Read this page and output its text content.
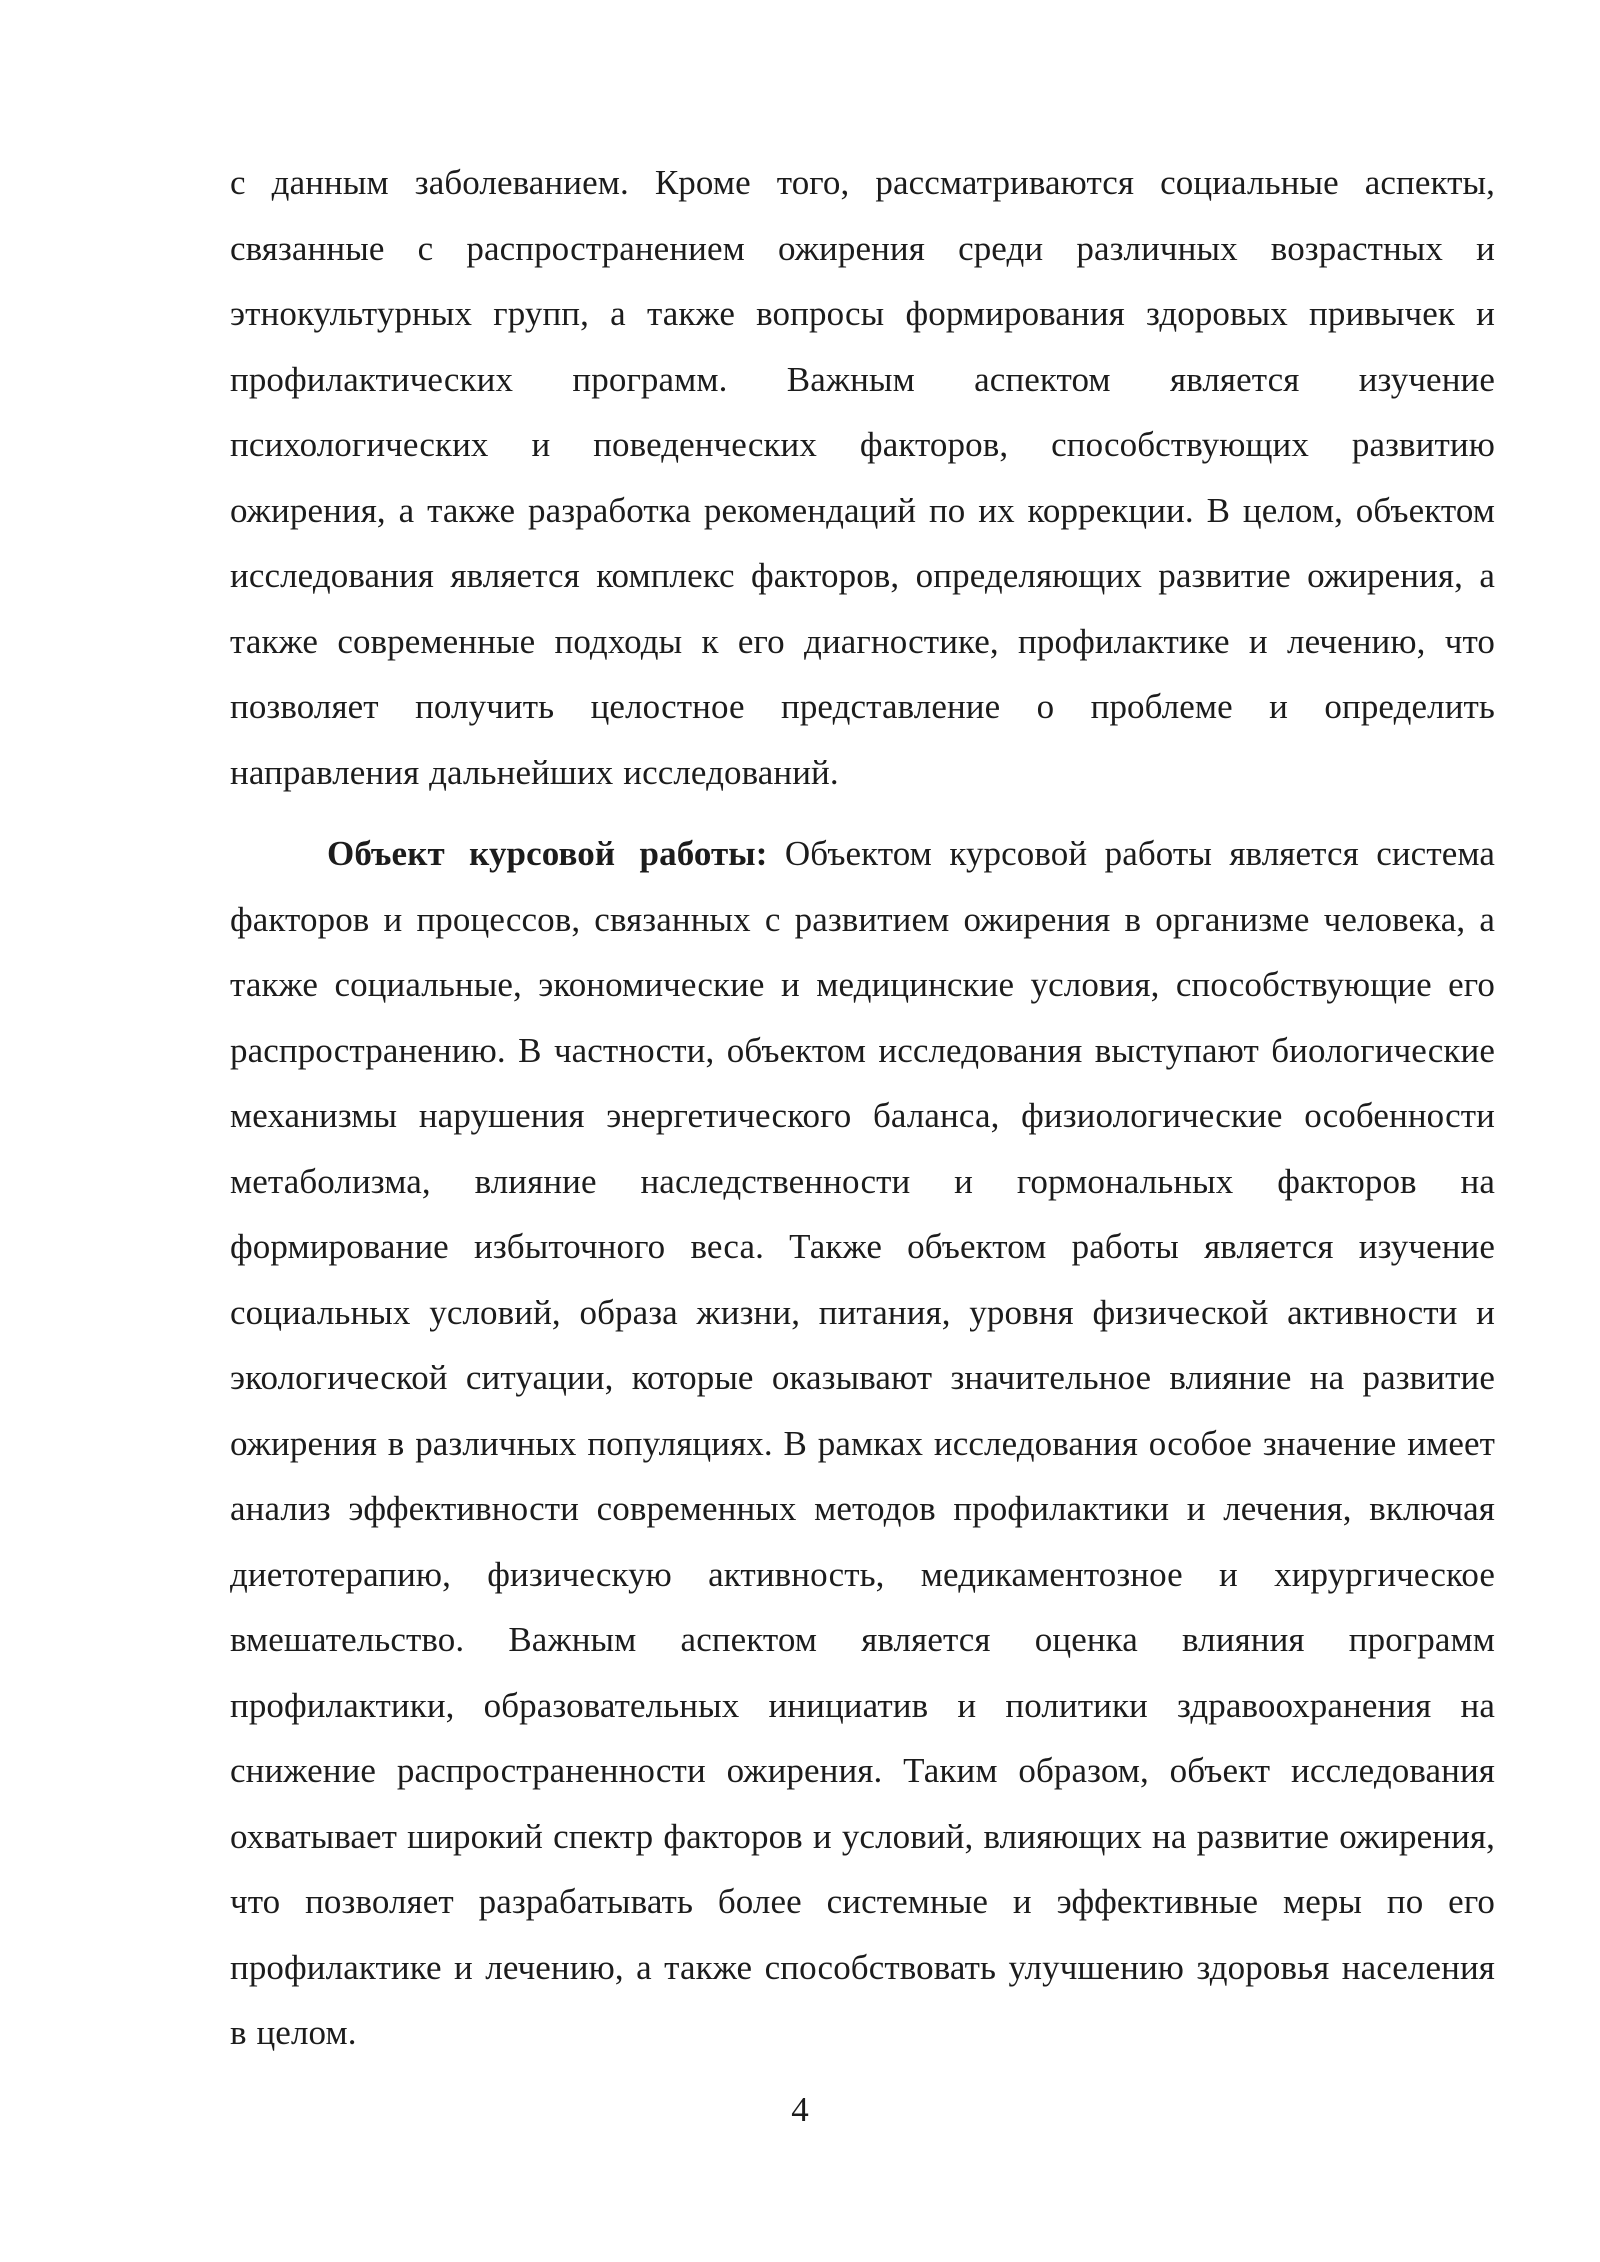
с данным заболеванием. Кроме того, рассматриваются социальные аспекты, связанные с распространением ожирения среди различных возрастных и этнокультурных групп, а также вопросы формирования здоровых привычек и профилактических программ. Важным аспектом является изучение психологических и поведенческих факторов, способствующих развитию ожирения, а также разработка рекомендаций по их коррекции. В целом, объектом исследования является комплекс факторов, определяющих развитие ожирения, а также современные подходы к его диагностике, профилактике и лечению, что позволяет получить целостное представление о проблеме и определить направления дальнейших исследований.

Объект курсовой работы: Объектом курсовой работы является система факторов и процессов, связанных с развитием ожирения в организме человека, а также социальные, экономические и медицинские условия, способствующие его распространению. В частности, объектом исследования выступают биологические механизмы нарушения энергетического баланса, физиологические особенности метаболизма, влияние наследственности и гормональных факторов на формирование избыточного веса. Также объектом работы является изучение социальных условий, образа жизни, питания, уровня физической активности и экологической ситуации, которые оказывают значительное влияние на развитие ожирения в различных популяциях. В рамках исследования особое значение имеет анализ эффективности современных методов профилактики и лечения, включая диетотерапию, физическую активность, медикаментозное и хирургическое вмешательство. Важным аспектом является оценка влияния программ профилактики, образовательных инициатив и политики здравоохранения на снижение распространенности ожирения. Таким образом, объект исследования охватывает широкий спектр факторов и условий, влияющих на развитие ожирения, что позволяет разрабатывать более системные и эффективные меры по его профилактике и лечению, а также способствовать улучшению здоровья населения в целом.

4
